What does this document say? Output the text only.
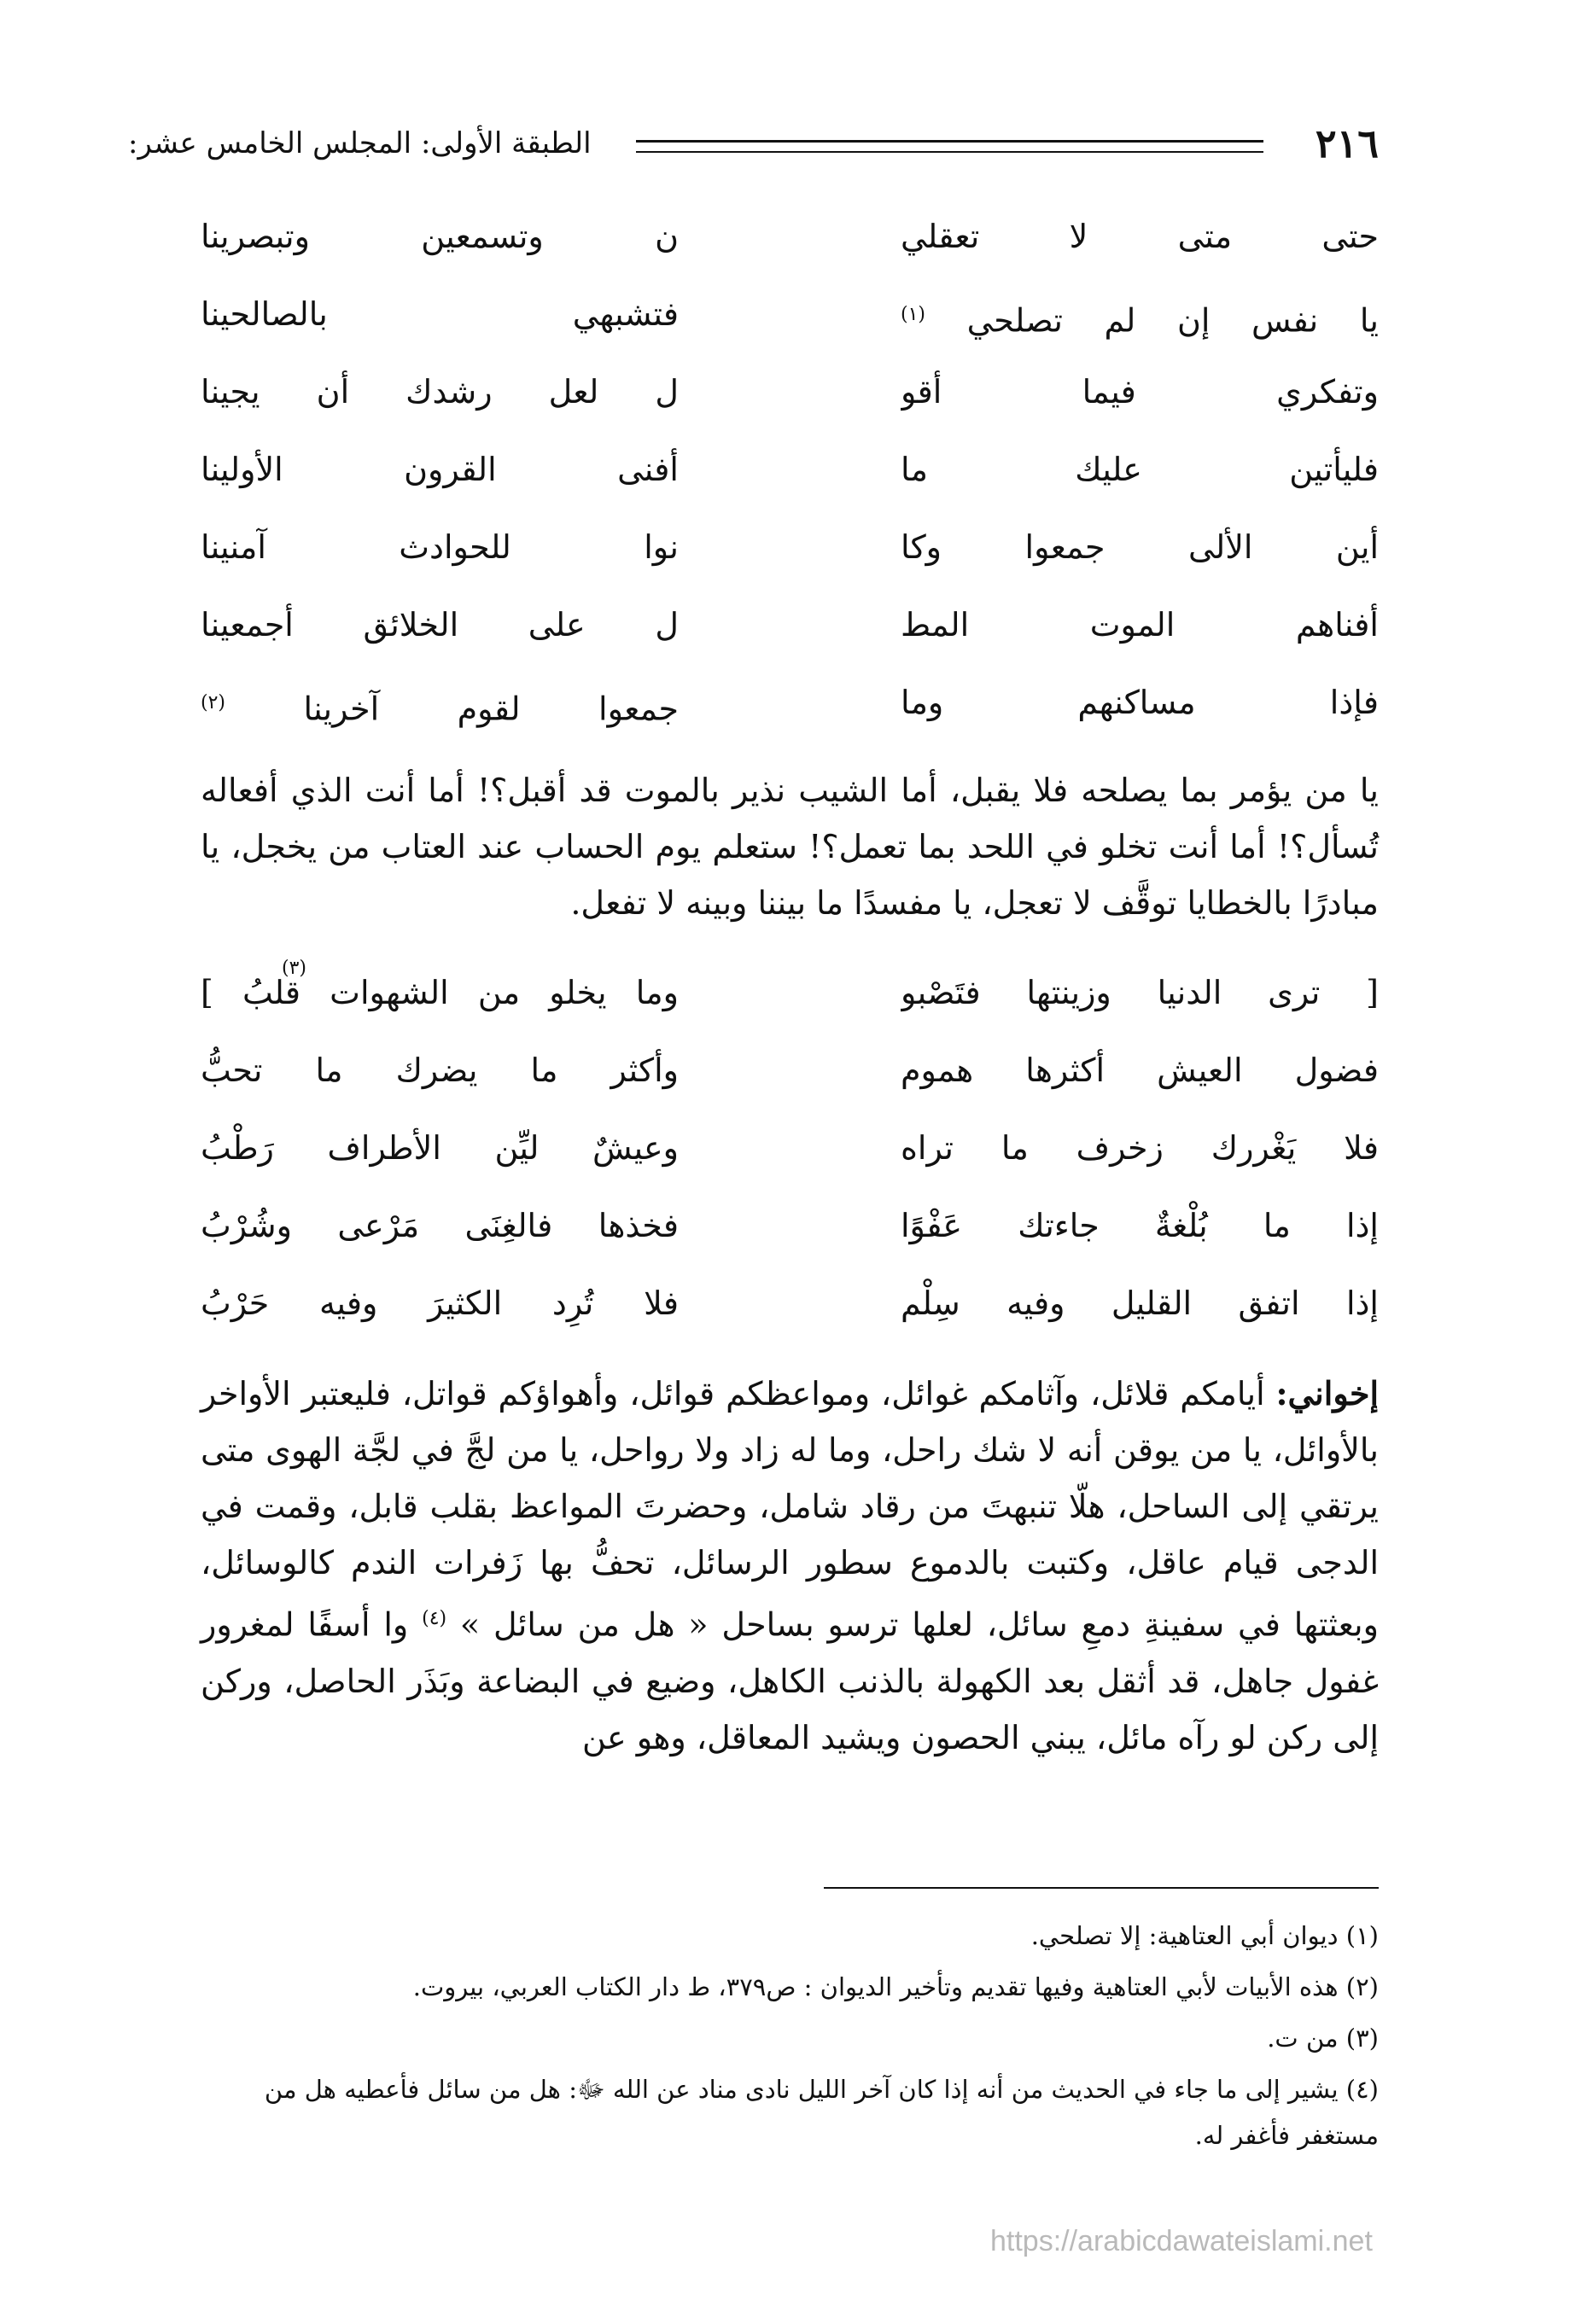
٢١٦
الطبقة الأولى: المجلس الخامس عشر:
حتى متى لا تعقلي
ن وتسمعين وتبصرينا
يا نفس إن لم تصلحي $^{(١)}$
فتشبهي بالصالحينا
وتفكري فيما أقو
ل لعل رشدك أن يجينا
فليأتين عليك ما
أفنى القرون الأولينا
أين الألى جمعوا وكا
نوا للحوادث آمنينا
أفناهم الموت المط
ل على الخلائق أجمعينا
فإذا مساكنهم وما
جمعوا لقوم آخرينا $^{(٢)}$

يا من يؤمر بما يصلحه فلا يقبل، أما الشيب نذير بالموت قد أقبل؟! أما أنت الذي أفعاله تُسأل؟! أما أنت تخلو في اللحد بما تعمل؟! ستعلم يوم الحساب عند العتاب من يخجل، يا مبادرًا بالخطايا توقَّف لا تعجل، يا مفسدًا ما بيننا وبينه لا تفعل.

[ ترى الدنيا وزينتها فتَصْبو
وما يخلو من الشهوات قلبُ ]
فضول العيش أكثرها هموم
وأكثر ما يضرك ما تحبُّ
فلا يَغْررك زخرف ما تراه
وعيشٌ ليِّن الأطراف رَطْبُ
إذا ما بُلْغةٌ جاءتك عَفْوًا
فخذها فالغِنَى مَرْعى وشُرْبُ
إذا اتفق القليل وفيه سِلْم
فلا تُرِد الكثيرَ وفيه حَرْبُ
(٣)

إخواني: أيامكم قلائل، وآثامكم غوائل، ومواعظكم قوائل، وأهواؤكم قواتل، فليعتبر الأواخر بالأوائل، يا من يوقن أنه لا شك راحل، وما له زاد ولا رواحل، يا من لجَّ في لجَّة الهوى متى يرتقي إلى الساحل، هلّا تنبهتَ من رقاد شامل، وحضرتَ المواعظ بقلب قابل، وقمت في الدجى قيام عاقل، وكتبت بالدموع سطور الرسائل، تحفُّ بها زَفرات الندم كالوسائل، وبعثتها في سفينةِ دمعِ سائل، لعلها ترسو بساحل « هل من سائل » $^{(٤)}$ وا أسفًا لمغرور غفول جاهل، قد أثقل بعد الكهولة بالذنب الكاهل، وضيع في البضاعة وبَذَر الحاصل، وركن إلى ركن لو رآه مائل، يبني الحصون ويشيد المعاقل، وهو عن

(١) ديوان أبي العتاهية: إلا تصلحي.

(٢) هذه الأبيات لأبي العتاهية وفيها تقديم وتأخير الديوان : ص٣٧٩، ط دار الكتاب العربي، بيروت.

(٣) من ت.

(٤) يشير إلى ما جاء في الحديث من أنه إذا كان آخر الليل نادى مناد عن الله ﷻ: هل من سائل فأعطيه هل من مستغفر فأغفر له.

https://arabicdawateislami.net
